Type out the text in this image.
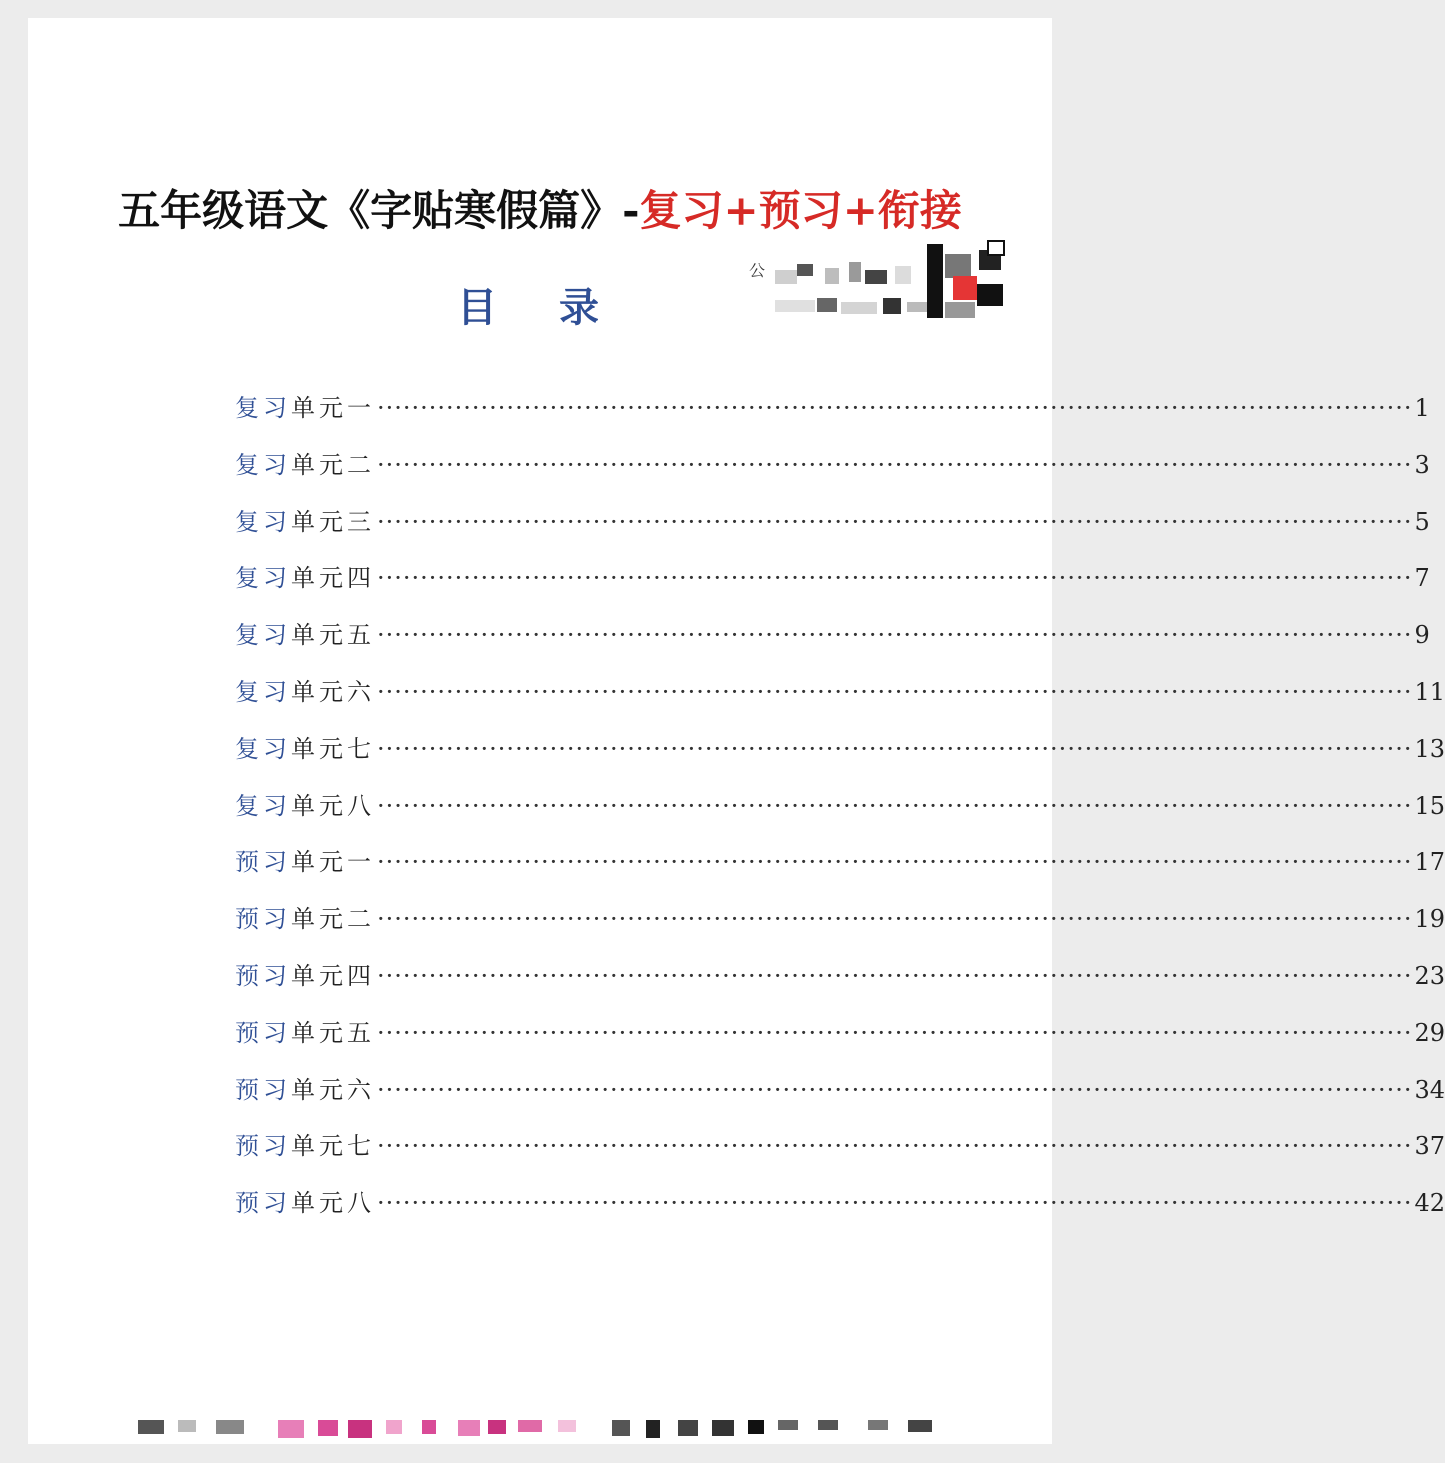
五年级语文《字贴寒假篇》-复习+预习+衔接
目 录
公
复习 单元一 ························································································································ 1
复习 单元二 ························································································································ 3
复习 单元三 ························································································································ 5
复习 单元四 ························································································································ 7
复习 单元五 ························································································································ 9
复习 单元六 ························································································································ 11
复习 单元七 ························································································································ 13
复习 单元八 ························································································································ 15
预习 单元一 ························································································································ 17
预习 单元二 ························································································································ 19
预习 单元四 ························································································································ 23
预习 单元五 ························································································································ 29
预习 单元六 ························································································································ 34
预习 单元七 ························································································································ 37
预习 单元八 ························································································································ 42
